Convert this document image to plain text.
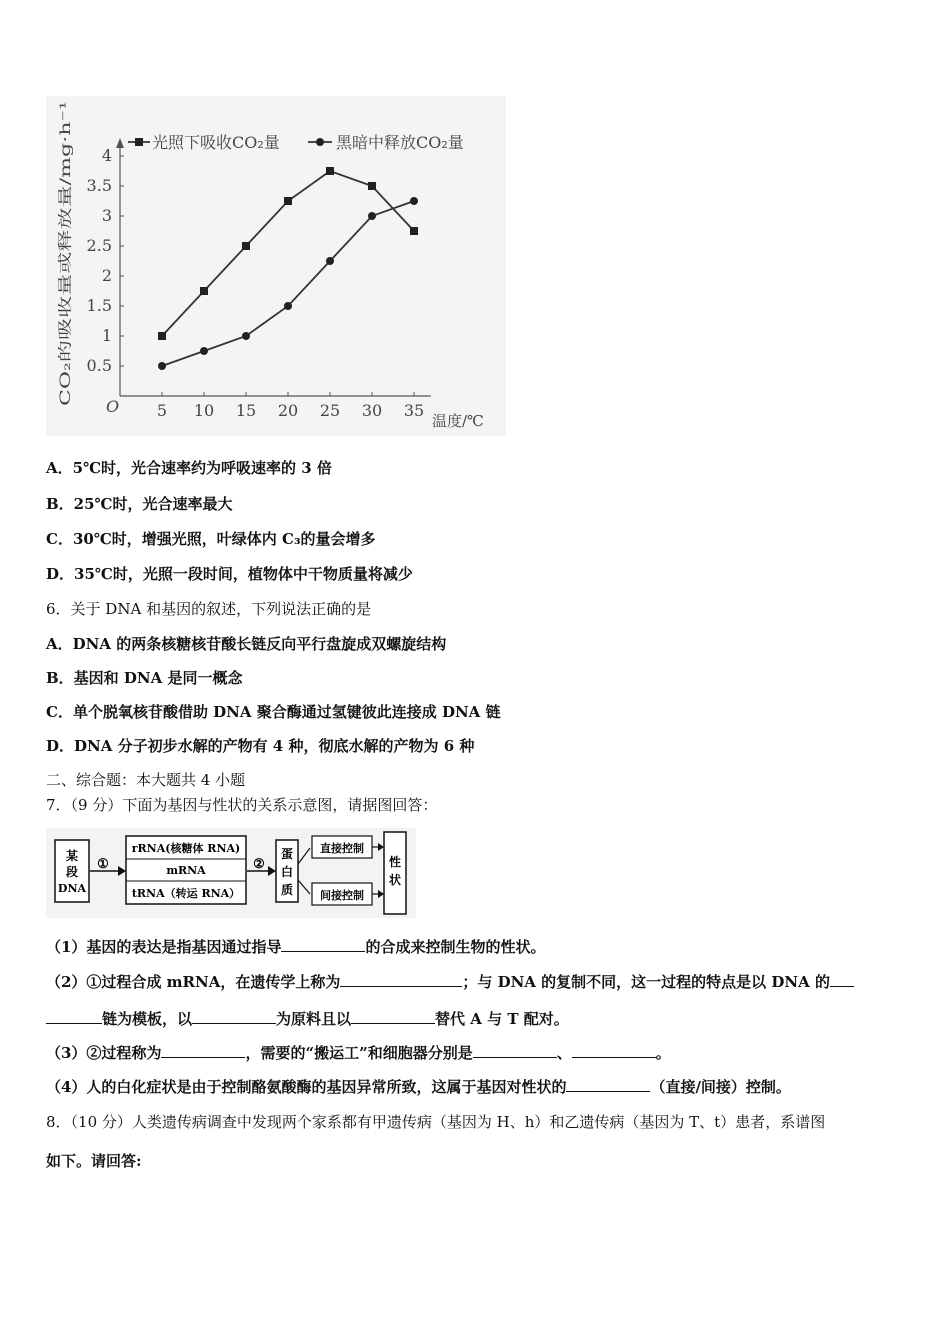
O 5 10 15 20 25 30 35
0.5
1
1.5
2
2.5
3
3.5
4
温度/℃
CO₂的吸收量或释放量/mg·h⁻¹
光照下吸收CO₂量	黑暗中释放CO₂量
A．5℃时，光合速率约为呼吸速率的 3 倍
B．25℃时，光合速率最大
C．30℃时，增强光照，叶绿体内 C₃的量会增多
D．35℃时，光照一段时间，植物体中干物质量将减少
6．关于 DNA 和基因的叙述，下列说法正确的是
A．DNA 的两条核糖核苷酸长链反向平行盘旋成双螺旋结构
B．基因和 DNA 是同一概念
C．单个脱氧核苷酸借助 DNA 聚合酶通过氢键彼此连接成 DNA 链
D．DNA 分子初步水解的产物有 4 种，彻底水解的产物为 6 种
二、综合题：本大题共 4 小题
7．（9 分）下面为基因与性状的关系示意图，请据图回答：
某
段
DNA
①
rRNA(核糖体 RNA)
mRNA
tRNA（转运 RNA）
②
蛋
白
质
直接控制
间接控制
性
状
（1）基因的表达是指基因通过指导	的合成来控制生物的性状。
（2）①过程合成 mRNA，在遗传学上称为	；与 DNA 的复制不同，这一过程的特点是以 DNA 的
链为模板，以	为原料且以	替代 A 与 T 配对。
（3）②过程称为	，需要的“搬运工”和细胞器分别是	、	。
（4）人的白化症状是由于控制酪氨酸酶的基因异常所致，这属于基因对性状的	（直接/间接）控制。
8．（10 分）人类遗传病调查中发现两个家系都有甲遗传病（基因为 H、h）和乙遗传病（基因为 T、t）患者，系谱图
如下。请回答:
